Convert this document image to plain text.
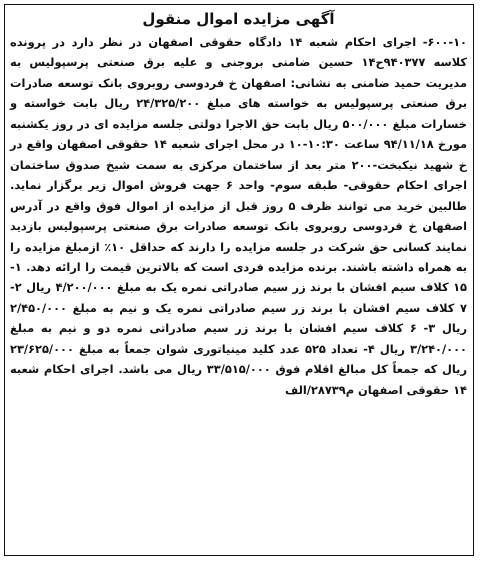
آگهی مزایده اموال منقول

۶۰۰-۱۰- اجرای احکام شعبه ۱۴ دادگاه حقوقی اصفهان در نظر دارد در پرونده کلاسه ۹۴۰۳۷۷ح۱۴ حسین ضامنی بروجنی و علیه برق صنعتی پرسپولیس به مدیریت حمید ضامنی به نشانی: اصفهان خ فردوسی روبروی بانک توسعه صادرات برق صنعتی پرسپولیس به خواسته های مبلغ ۲۴/۳۲۵/۲۰۰ ریال بابت خواسته و خسارات مبلغ ۵۰۰/۰۰۰ ریال بابت حق الاجرا دولتی جلسه مزایده ای در روز یکشنبه مورخ ۹۴/۱۱/۱۸ ساعت ۱۰:۳۰-۱۰ در محل اجرای شعبه ۱۴ حقوقی اصفهان واقع در خ شهید نیکبخت-۲۰۰ متر بعد از ساختمان مرکزی به سمت شیخ صدوق ساختمان اجرای احکام حقوقی- طبقه سوم- واحد ۶ جهت فروش اموال زیر برگزار نماید. طالبین خرید می توانند ظرف ۵ روز قبل از مزایده از اموال فوق واقع در آدرس اصفهان خ فردوسی روبروی بانک توسعه صادرات برق صنعتی پرسپولیس بازدید نمایند کسانی حق شرکت در جلسه مزایده را دارند که حداقل ۱۰٪ ازمبلغ مزایده را به همراه داشته باشند. برنده مزایده فردی است که بالاترین قیمت را ارائه دهد. ۱- ۱۵ کلاف سیم افشان با برند زر سیم صادراتی نمره یک به مبلغ ۴/۲۰۰/۰۰۰ ریال ۲- ۷ کلاف سیم افشان با برند زر سیم صادراتی نمره یک و نیم به مبلغ ۲/۴۵۰/۰۰۰ ریال ۳- ۶ کلاف سیم افشان با برند زر سیم صادراتی نمره دو و نیم به مبلغ ۳/۲۴۰/۰۰۰ ریال ۴- تعداد ۵۲۵ عدد کلید مینیاتوری شوان جمعاً به مبلغ ۲۳/۶۲۵/۰۰۰ ریال که جمعاً کل مبالغ اقلام فوق ۳۳/۵۱۵/۰۰۰ ریال می باشد. اجرای احکام شعبه ۱۴ حقوقی اصفهان م۲۸۷۳۹/الف
